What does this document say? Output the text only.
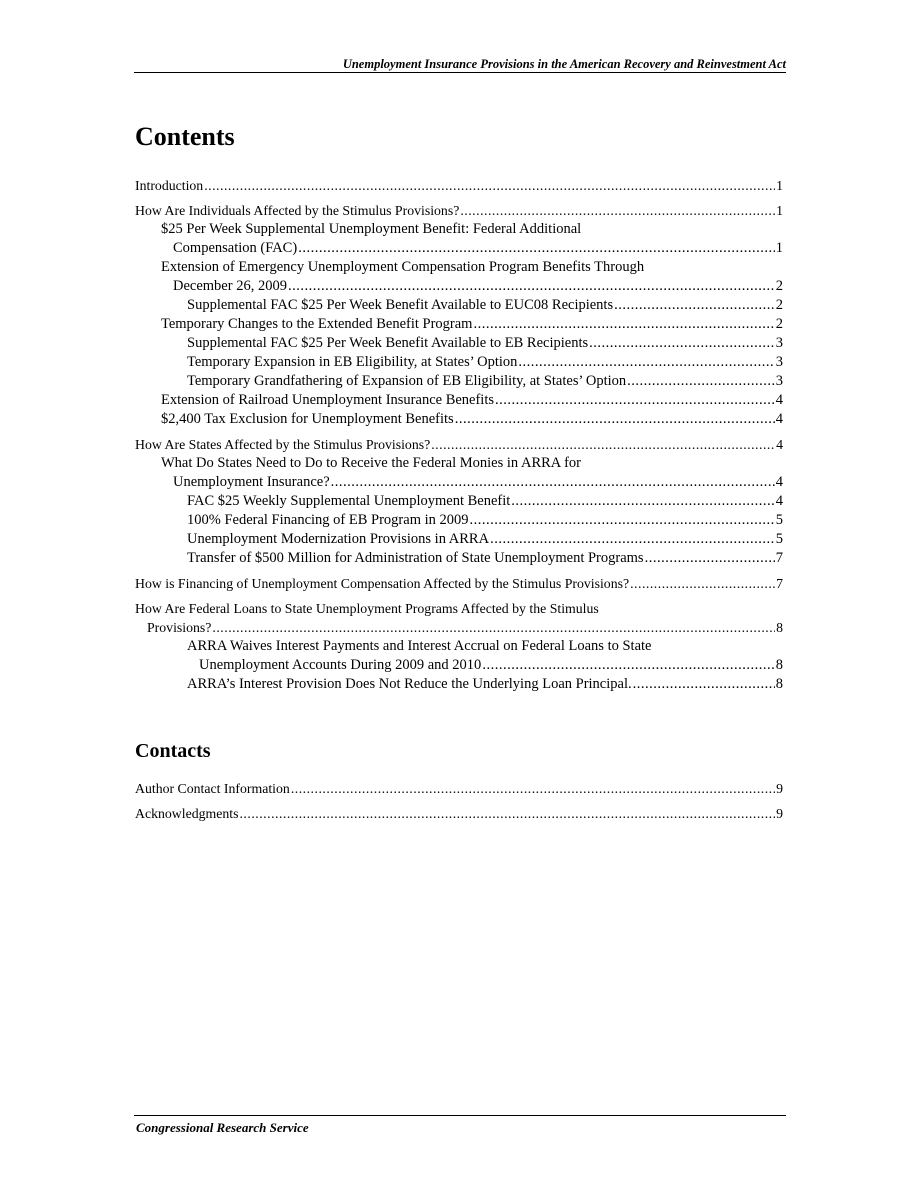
Unemployment Insurance Provisions in the American Recovery and Reinvestment Act
Contents
Introduction .....	1
How Are Individuals Affected by the Stimulus Provisions? .....	1
$25 Per Week Supplemental Unemployment Benefit: Federal Additional
Compensation (FAC) .....	1
Extension of Emergency Unemployment Compensation Program Benefits Through
December 26, 2009 .....	2
Supplemental FAC $25 Per Week Benefit Available to EUC08 Recipients .....	2
Temporary Changes to the Extended Benefit Program .....	2
Supplemental FAC $25 Per Week Benefit Available to EB Recipients .....	3
Temporary Expansion in EB Eligibility, at States’ Option .....	3
Temporary Grandfathering of Expansion of EB Eligibility, at States’ Option .....	3
Extension of Railroad Unemployment Insurance Benefits .....	4
$2,400 Tax Exclusion for Unemployment Benefits .....	4
How Are States Affected by the Stimulus Provisions? .....	4
What Do States Need to Do to Receive the Federal Monies in ARRA for
Unemployment Insurance? .....	4
FAC $25 Weekly Supplemental Unemployment Benefit .....	4
100% Federal Financing of EB Program in 2009 .....	5
Unemployment Modernization Provisions in ARRA .....	5
Transfer of $500 Million for Administration of State Unemployment Programs .....	7
How is Financing of Unemployment Compensation Affected by the Stimulus Provisions? .....	7
How Are Federal Loans to State Unemployment Programs Affected by the Stimulus
Provisions? .....	8
ARRA Waives Interest Payments and Interest Accrual on Federal Loans to State
Unemployment Accounts During 2009 and 2010 .....	8
ARRA’s Interest Provision Does Not Reduce the Underlying Loan Principal. .....	8
Contacts
Author Contact Information .....	9
Acknowledgments .....	9
Congressional Research Service
